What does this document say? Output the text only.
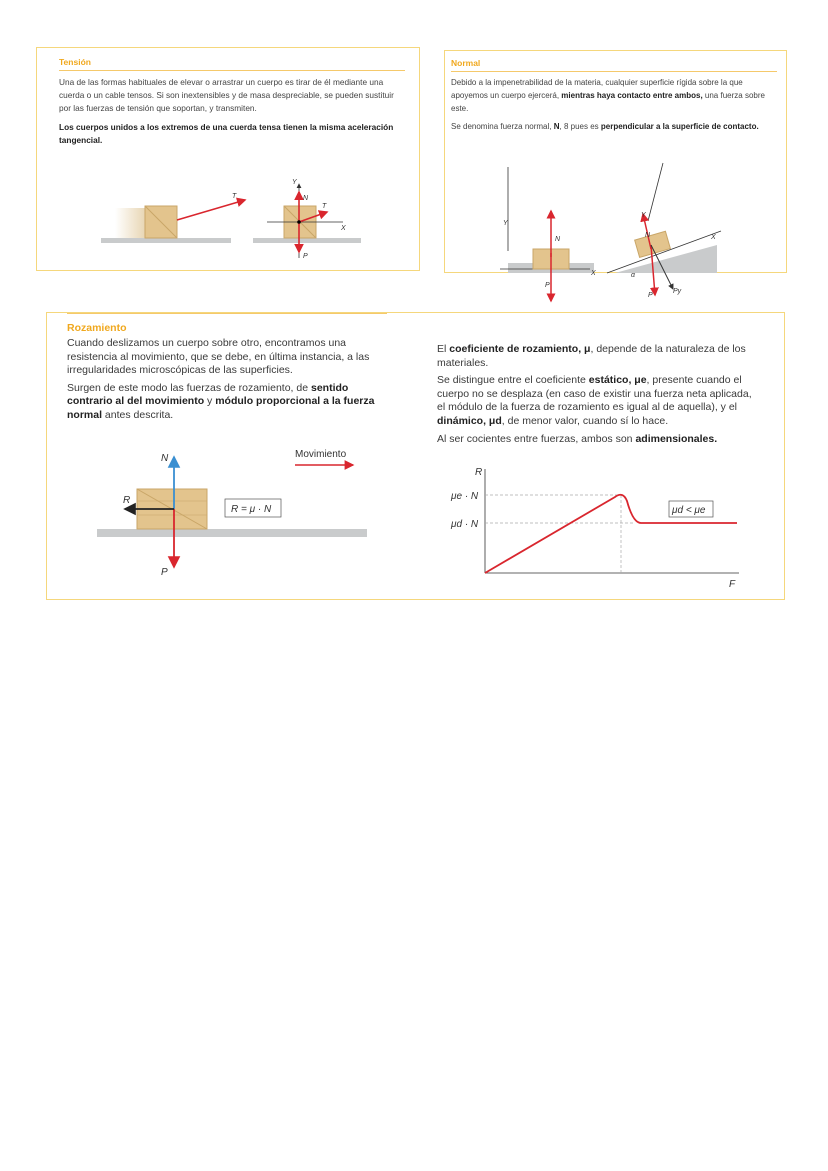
Tensión

Una de las formas habituales de elevar o arrastrar un cuerpo es tirar de él mediante una cuerda o un cable tensos. Si son inextensibles y de masa despreciable, se pueden sustituir por las fuerzas de tensión que soportan, y transmiten.

Los cuerpos unidos a los extremos de una cuerda tensa tienen la misma aceleración tangencial.

T
Y
N
T
X
P
Normal

Debido a la impenetrabilidad de la materia, cualquier superficie rígida sobre la que apoyemos un cuerpo ejercerá, mientras haya contacto entre ambos, una fuerza sobre este.

Se denomina fuerza normal, N, 8 pues es perpendicular a la superficie de contacto.

Y
N
X
P
Y
N	X
α
P
Py
Rozamiento

Cuando deslizamos un cuerpo sobre otro, encontramos una resistencia al movimiento, que se debe, en última instancia, a las irregularidades microscópicas de las superficies.

Surgen de este modo las fuerzas de rozamiento, de sentido contrario al del movimiento y módulo proporcional a la fuerza normal antes descrita.

El coeficiente de rozamiento, μ, depende de la naturaleza de los materiales.

Se distingue entre el coeficiente estático, μe, presente cuando el cuerpo no se desplaza (en caso de existir una fuerza neta aplicada, el módulo de la fuerza de rozamiento es igual al de aquella), y el dinámico, μd, de menor valor, cuando sí lo hace.

Al ser cocientes entre fuerzas, ambos son adimensionales.

N
R
P
R = μ · N
Movimiento
R
F
μe · N
μd · N
μd < μe
